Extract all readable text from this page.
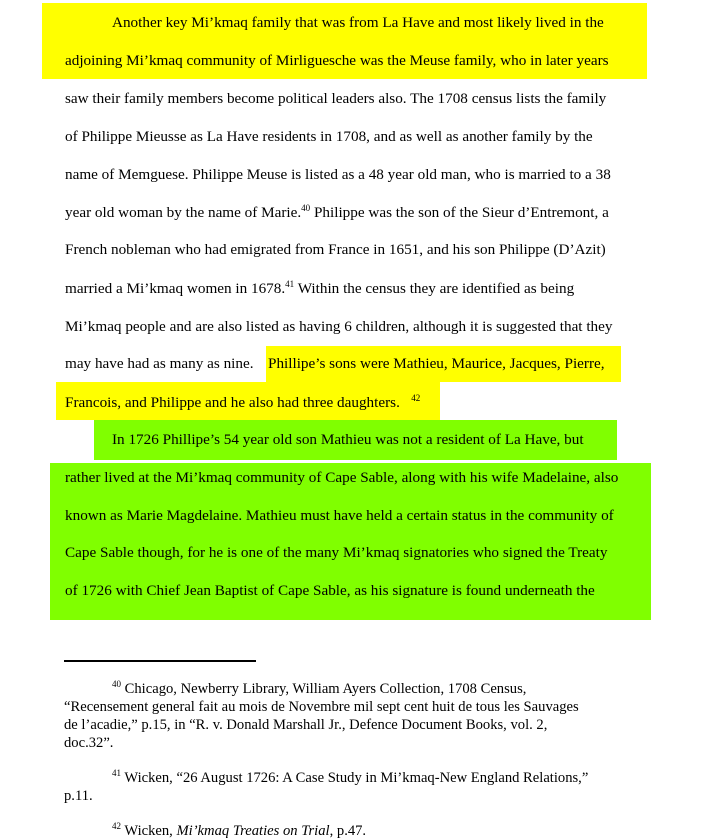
Another key Mi’kmaq family that was from La Have and most likely lived in the
adjoining Mi’kmaq community of Mirliguesche was the Meuse family, who in later years
saw their family members become political leaders also. The 1708 census lists the family
of Philippe Mieusse as La Have residents in 1708, and as well as another family by the
name of Memguese. Philippe Meuse is listed as a 48 year old man, who is married to a 38
year old woman by the name of Marie.$^{40}$ Philippe was the son of the Sieur d’Entremont, a
French nobleman who had emigrated from France in 1651, and his son Philippe (D’Azit)
married a Mi’kmaq women in 1678.41 Within the census they are identified as being
Mi’kmaq people and are also listed as having 6 children, although it is suggested that they
may have had as many as nine. Phillipe’s sons were Mathieu, Maurice, Jacques, Pierre,
Francois, and Philippe and he also had three daughters. $^{42}$
In 1726 Phillipe’s 54 year old son Mathieu was not a resident of La Have, but
rather lived at the Mi’kmaq community of Cape Sable, along with his wife Madelaine, also
known as Marie Magdelaine. Mathieu must have held a certain status in the community of
Cape Sable though, for he is one of the many Mi’kmaq signatories who signed the Treaty
of 1726 with Chief Jean Baptist of Cape Sable, as his signature is found underneath the
$^{40}$ Chicago, Newberry Library, William Ayers Collection, 1708 Census,
“Recensement general fait au mois de Novembre mil sept cent huit de tous les Sauvages
de l’acadie,” p.15, in “R. v. Donald Marshall Jr., Defence Document Books, vol. 2,
doc.32”.
$^{41}$ Wicken, “26 August 1726: A Case Study in Mi’kmaq-New England Relations,”
p.11.
$^{42}$ Wicken, Mi’kmaq Treaties on Trial, p.47.
